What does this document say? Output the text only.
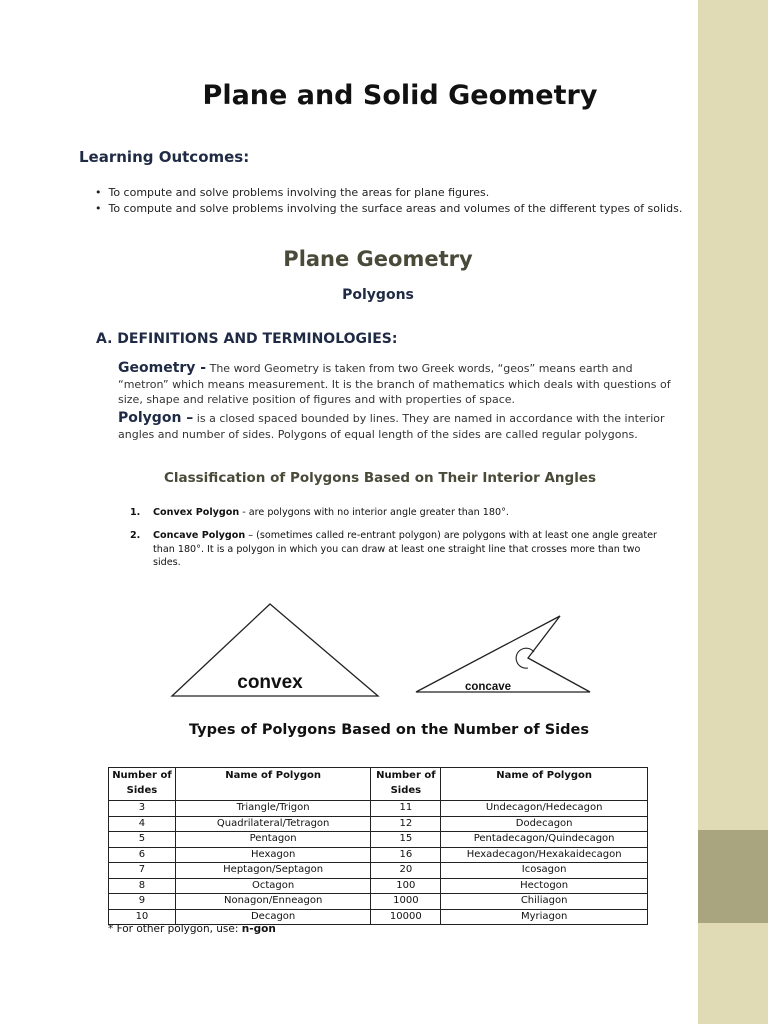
Plane and Solid Geometry
Learning Outcomes:
•  To compute and solve problems involving the areas for plane figures.
•  To compute and solve problems involving the surface areas and volumes of the different types of solids.
Plane Geometry
Polygons
A. DEFINITIONS AND TERMINOLOGIES:
Geometry - The word Geometry is taken from two Greek words, “geos” means earth and “metron” which means measurement. It is the branch of mathematics which deals with questions of size, shape and relative position of figures and with properties of space.
Polygon – is a closed spaced bounded by lines. They are named in accordance with the interior angles and number of sides. Polygons of equal length of the sides are called regular polygons.
Classification of Polygons Based on Their Interior Angles
1. Convex Polygon - are polygons with no interior angle greater than 180°.
2. Concave Polygon – (sometimes called re-entrant polygon) are polygons with at least one angle greater than 180°. It is a polygon in which you can draw at least one straight line that crosses more than two sides.
convex	concave
Types of Polygons Based on the Number of Sides
Number of Sides	Name of Polygon	Number of Sides	Name of Polygon
3	Triangle/Trigon	11	Undecagon/Hedecagon
4	Quadrilateral/Tetragon	12	Dodecagon
5	Pentagon	15	Pentadecagon/Quindecagon
6	Hexagon	16	Hexadecagon/Hexakaidecagon
7	Heptagon/Septagon	20	Icosagon
8	Octagon	100	Hectogon
9	Nonagon/Enneagon	1000	Chiliagon
10	Decagon	10000	Myriagon
* For other polygon, use: n-gon
